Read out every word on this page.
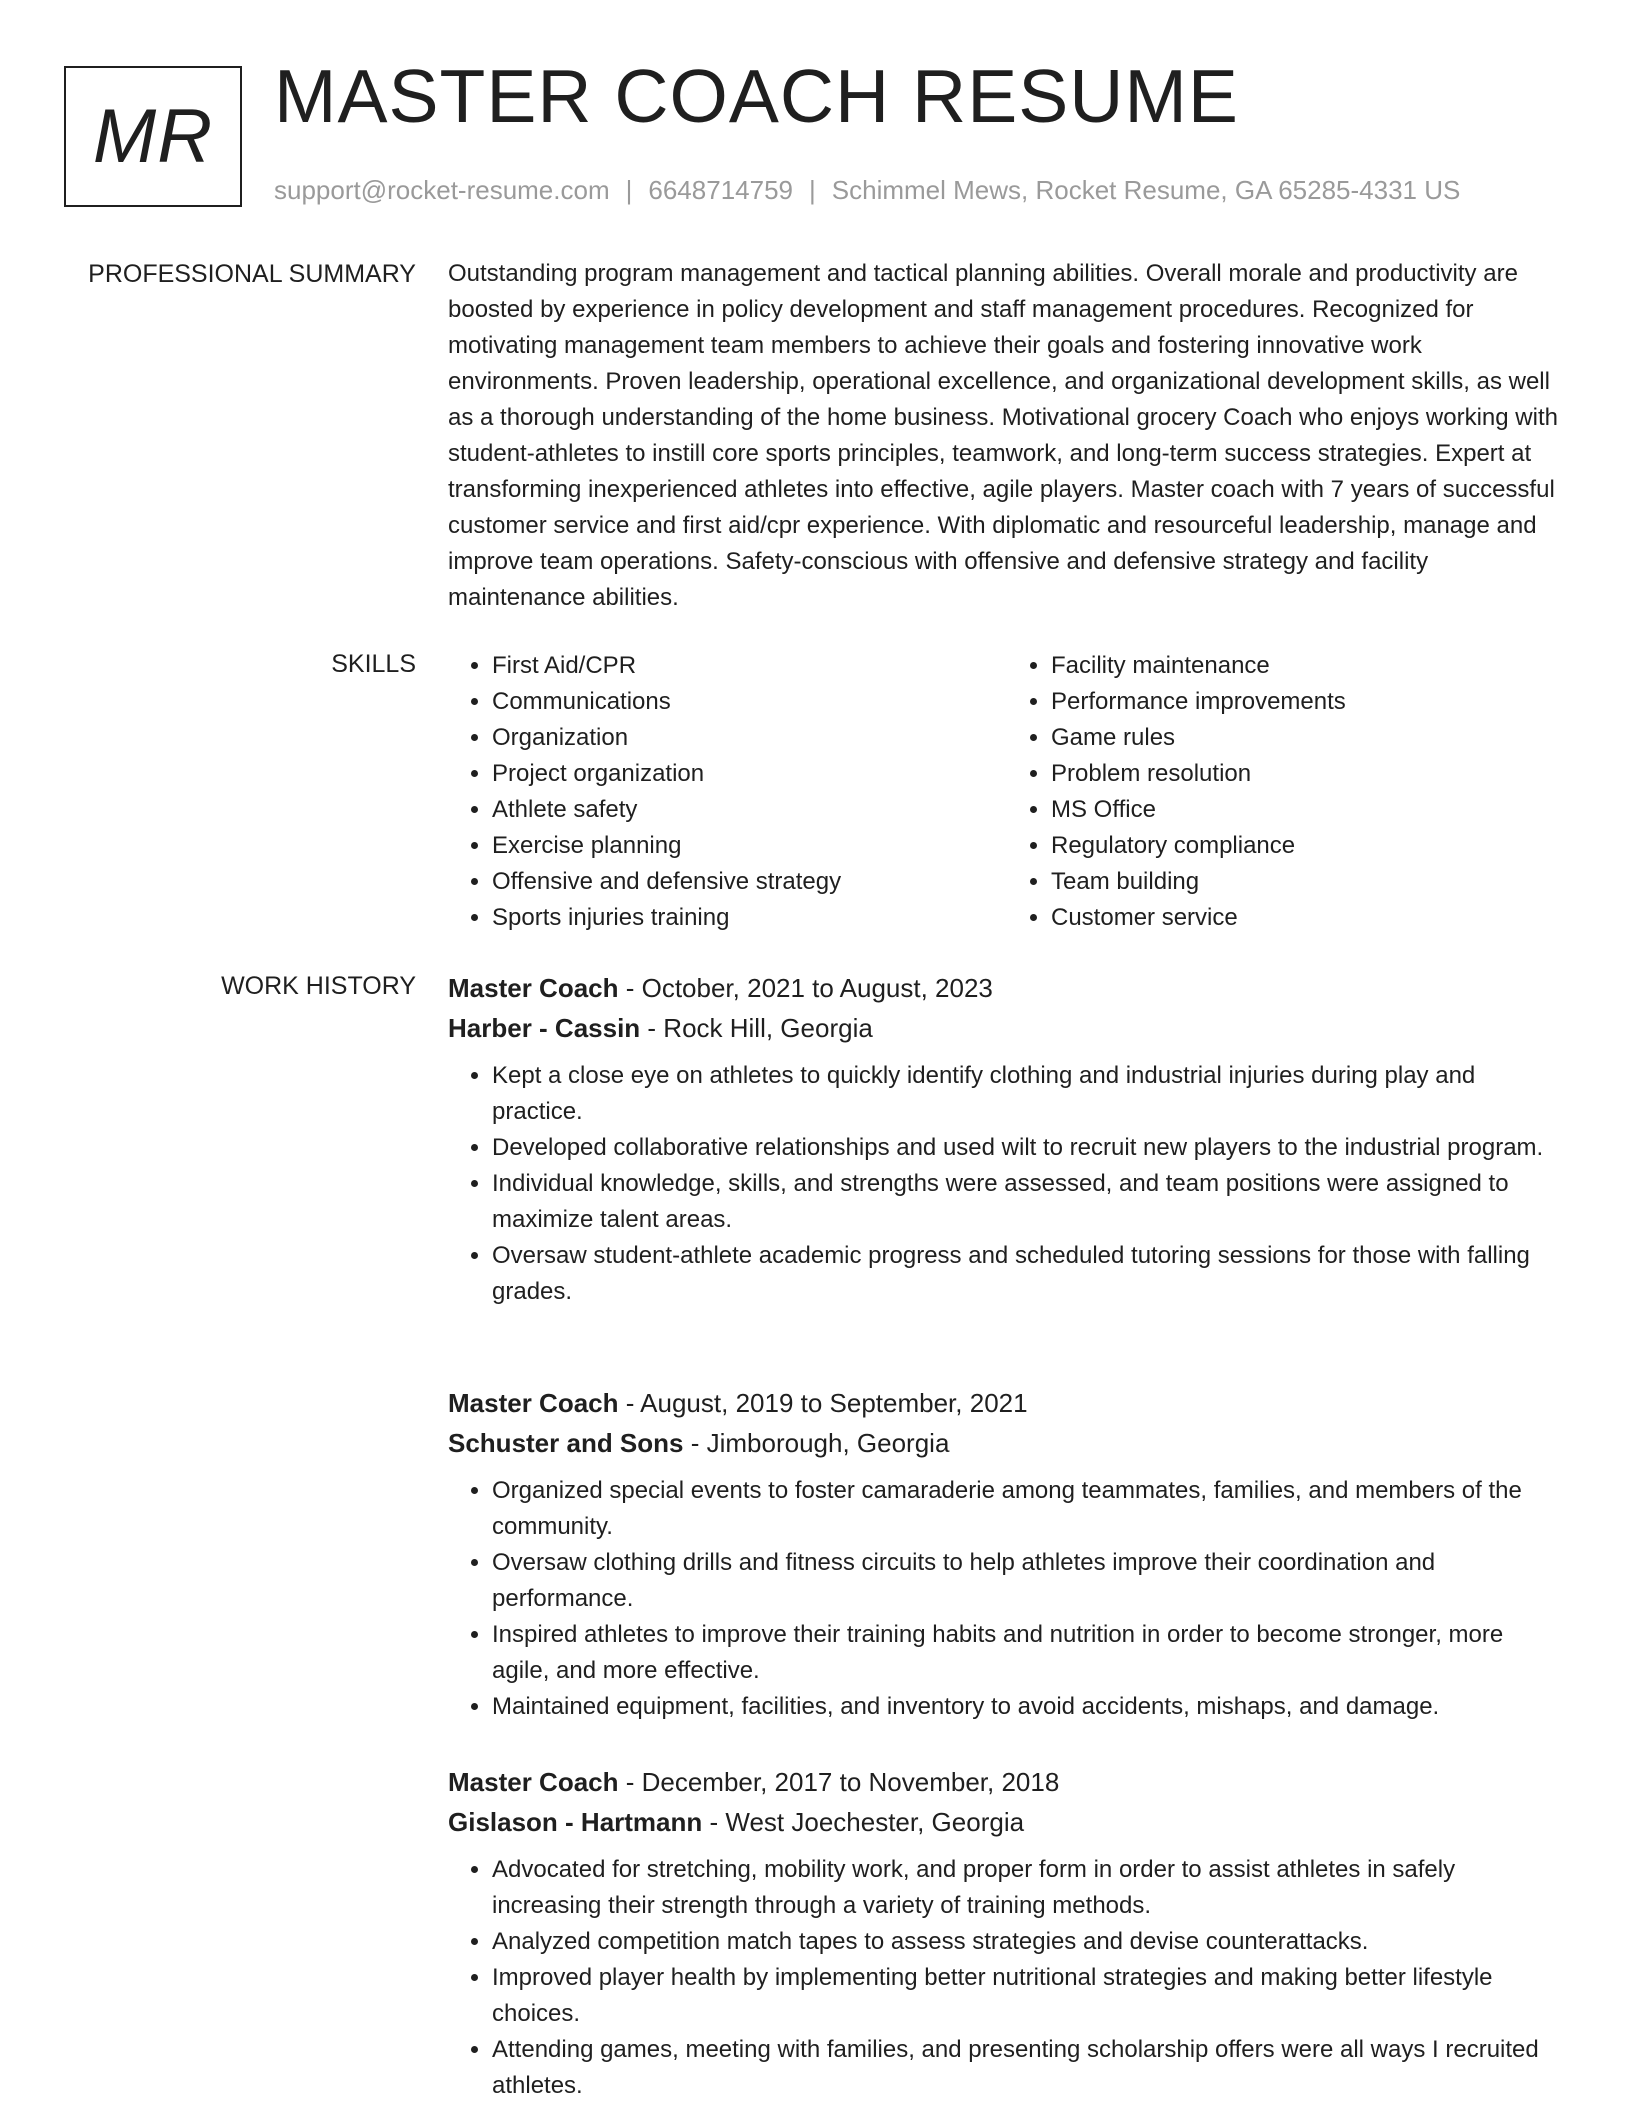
MR MASTER COACH RESUME
support@rocket-resume.com | 6648714759 | Schimmel Mews, Rocket Resume, GA 65285-4331 US
PROFESSIONAL SUMMARY Outstanding program management and tactical planning abilities. Overall morale and productivity are boosted by experience in policy development and staff management procedures. Recognized for motivating management team members to achieve their goals and fostering innovative work environments. Proven leadership, operational excellence, and organizational development skills, as well as a thorough understanding of the home business. Motivational grocery Coach who enjoys working with student-athletes to instill core sports principles, teamwork, and long-term success strategies. Expert at transforming inexperienced athletes into effective, agile players. Master coach with 7 years of successful customer service and first aid/cpr experience. With diplomatic and resourceful leadership, manage and improve team operations. Safety-conscious with offensive and defensive strategy and facility maintenance abilities.

SKILLS
•	First Aid/CPR
• Communications
• Organization
• Project organization
• Athlete safety
• Exercise planning
• Offensive and defensive strategy
• Sports injuries training
• Facility maintenance
• Performance improvements
• Game rules
• Problem resolution
• MS Office
• Regulatory compliance
• Team building
• Customer service
WORK HISTORY Master Coach - October, 2021 to August, 2023
Harber - Cassin - Rock Hill, Georgia
• Kept a close eye on athletes to quickly identify clothing and industrial injuries during play and practice.
• Developed collaborative relationships and used wilt to recruit new players to the industrial program.
• Individual knowledge, skills, and strengths were assessed, and team positions were assigned to maximize talent areas.
• Oversaw student-athlete academic progress and scheduled tutoring sessions for those with falling grades.
Master Coach - August, 2019 to September, 2021
Schuster and Sons - Jimborough, Georgia
• Organized special events to foster camaraderie among teammates, families, and members of the community.
• Oversaw clothing drills and fitness circuits to help athletes improve their coordination and performance.
• Inspired athletes to improve their training habits and nutrition in order to become stronger, more agile, and more effective.
• Maintained equipment, facilities, and inventory to avoid accidents, mishaps, and damage.
Master Coach - December, 2017 to November, 2018
Gislason - Hartmann - West Joechester, Georgia
• Advocated for stretching, mobility work, and proper form in order to assist athletes in safely increasing their strength through a variety of training methods.
• Analyzed competition match tapes to assess strategies and devise counterattacks.
• Improved player health by implementing better nutritional strategies and making better lifestyle choices.
• Attending games, meeting with families, and presenting scholarship offers were all ways I recruited athletes.
